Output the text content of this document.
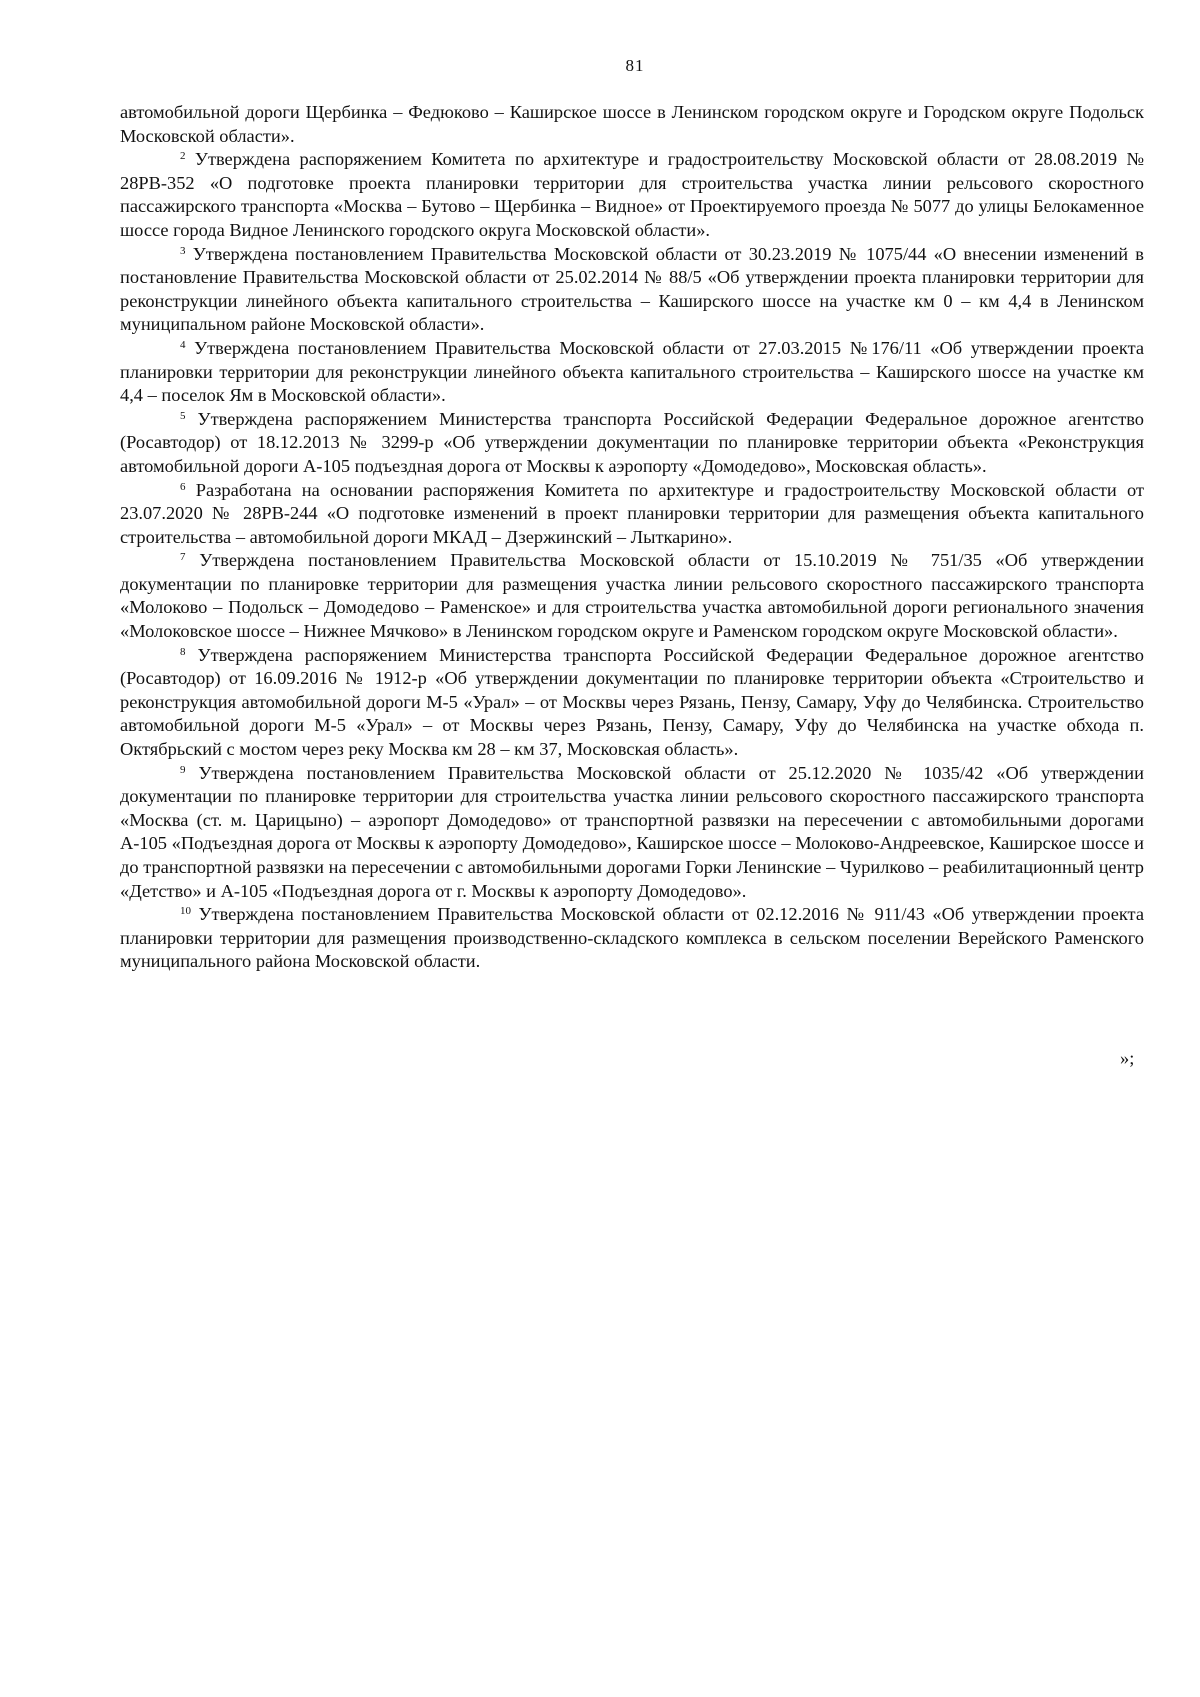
81

автомобильной дороги Щербинка – Федюково – Каширское шоссе в Ленинском городском округе и Городском округе Подольск Московской области».

$^2$ Утверждена распоряжением Комитета по архитектуре и градостроительству Московской области от 28.08.2019 № 28РВ-352 «О подготовке проекта планировки территории для строительства участка линии рельсового скоростного пассажирского транспорта «Москва – Бутово – Щербинка – Видное» от Проектируемого проезда № 5077 до улицы Белокаменное шоссе города Видное Ленинского городского округа Московской области».

$^3$ Утверждена постановлением Правительства Московской области от 30.23.2019 № 1075/44 «О внесении изменений в постановление Правительства Московской области от 25.02.2014 № 88/5 «Об утверждении проекта планировки территории для реконструкции линейного объекта капитального строительства – Каширского шоссе на участке км 0 – км 4,4 в Ленинском муниципальном районе Московской области».

$^4$ Утверждена постановлением Правительства Московской области от 27.03.2015 №176/11 «Об утверждении проекта планировки территории для реконструкции линейного объекта капитального строительства – Каширского шоссе на участке км 4,4 – поселок Ям в Московской области».

$^5$ Утверждена распоряжением Министерства транспорта Российской Федерации Федеральное дорожное агентство (Росавтодор) от 18.12.2013 № 3299-р «Об утверждении документации по планировке территории объекта «Реконструкция автомобильной дороги А-105 подъездная дорога от Москвы к аэропорту «Домодедово», Московская область».

$^6$ Разработана на основании распоряжения Комитета по архитектуре и градостроительству Московской области от 23.07.2020 № 28РВ-244 «О подготовке изменений в проект планировки территории для размещения объекта капитального строительства – автомобильной дороги МКАД – Дзержинский – Лыткарино».

$^7$ Утверждена постановлением Правительства Московской области от 15.10.2019 № 751/35 «Об утверждении документации по планировке территории для размещения участка линии рельсового скоростного пассажирского транспорта «Молоково – Подольск – Домодедово – Раменское» и для строительства участка автомобильной дороги регионального значения «Молоковское шоссе – Нижнее Мячково» в Ленинском городском округе и Раменском городском округе Московской области».

$^8$ Утверждена распоряжением Министерства транспорта Российской Федерации Федеральное дорожное агентство (Росавтодор) от 16.09.2016 № 1912-р «Об утверждении документации по планировке территории объекта «Строительство и реконструкция автомобильной дороги М-5 «Урал» – от Москвы через Рязань, Пензу, Самару, Уфу до Челябинска. Строительство автомобильной дороги М-5 «Урал» – от Москвы через Рязань, Пензу, Самару, Уфу до Челябинска на участке обхода п. Октябрьский с мостом через реку Москва км 28 – км 37, Московская область».

$^9$ Утверждена постановлением Правительства Московской области от 25.12.2020 № 1035/42 «Об утверждении документации по планировке территории для строительства участка линии рельсового скоростного пассажирского транспорта «Москва (ст. м. Царицыно) – аэропорт Домодедово» от транспортной развязки на пересечении с автомобильными дорогами А-105 «Подъездная дорога от Москвы к аэропорту Домодедово», Каширское шоссе – Молоково-Андреевское, Каширское шоссе и до транспортной развязки на пересечении с автомобильными дорогами Горки Ленинские – Чурилково – реабилитационный центр «Детство» и А-105 «Подъездная дорога от г. Москвы к аэропорту Домодедово».

$^{10}$ Утверждена постановлением Правительства Московской области от 02.12.2016 № 911/43 «Об утверждении проекта планировки территории для размещения производственно-складского комплекса в сельском поселении Верейского Раменского муниципального района Московской области.

»;
